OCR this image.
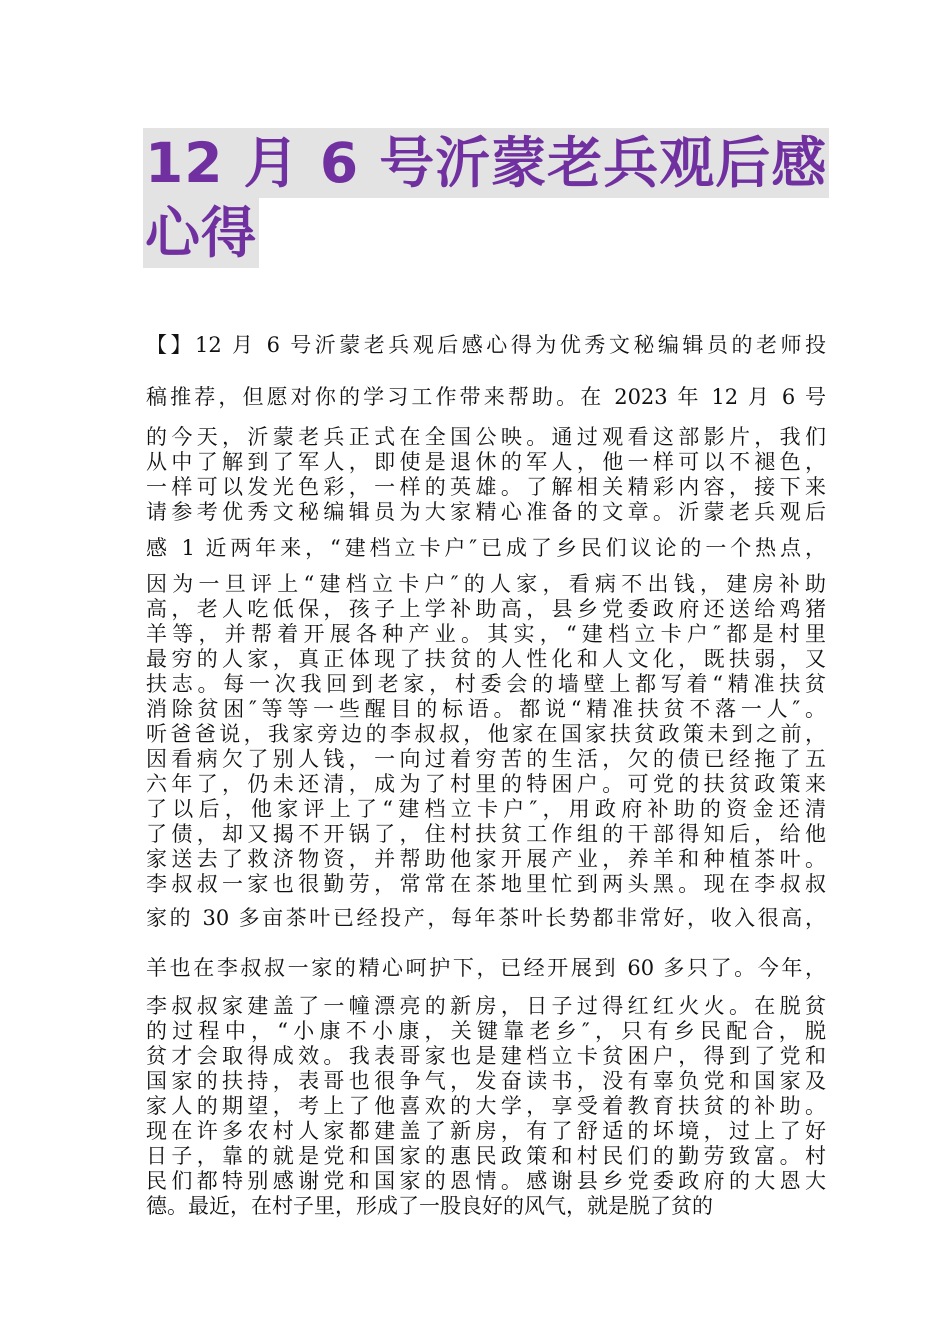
12 月 6 号沂蒙老兵观后感
心得
【】12 月 6 号沂蒙老兵观后感心得为优秀文秘编辑员的老师投
稿推荐，但愿对你的学习工作带来帮助。在 2023 年 12 月 6 号
的今天，沂蒙老兵正式在全国公映。通过观看这部影片，我们
从中了解到了军人，即使是退休的军人，他一样可以不褪色，
一样可以发光色彩，一样的英雄。了解相关精彩内容，接下来
请参考优秀文秘编辑员为大家精心准备的文章。沂蒙老兵观后
感 1 近两年来，“建档立卡户″已成了乡民们议论的一个热点，
因为一旦评上“建档立卡户″的人家，看病不出钱，建房补助
高，老人吃低保，孩子上学补助高，县乡党委政府还送给鸡猪
羊等，并帮着开展各种产业。其实，“建档立卡户″都是村里
最穷的人家，真正体现了扶贫的人性化和人文化，既扶弱，又
扶志。每一次我回到老家，村委会的墙壁上都写着“精准扶贫
消除贫困″等等一些醒目的标语。都说“精准扶贫不落一人″。
听爸爸说，我家旁边的李叔叔，他家在国家扶贫政策未到之前，
因看病欠了别人钱，一向过着穷苦的生活，欠的债已经拖了五
六年了，仍未还清，成为了村里的特困户。可党的扶贫政策来
了以后，他家评上了“建档立卡户″，用政府补助的资金还清
了债，却又揭不开锅了，住村扶贫工作组的干部得知后，给他
家送去了救济物资，并帮助他家开展产业，养羊和种植茶叶。
李叔叔一家也很勤劳，常常在茶地里忙到两头黑。现在李叔叔
家的 30 多亩茶叶已经投产，每年茶叶长势都非常好，收入很高，
羊也在李叔叔一家的精心呵护下，已经开展到 60 多只了。今年，
李叔叔家建盖了一幢漂亮的新房，日子过得红红火火。在脱贫
的过程中，“小康不小康，关键靠老乡″，只有乡民配合，脱
贫才会取得成效。我表哥家也是建档立卡贫困户，得到了党和
国家的扶持，表哥也很争气，发奋读书，没有辜负党和国家及
家人的期望，考上了他喜欢的大学，享受着教育扶贫的补助。
现在许多农村人家都建盖了新房，有了舒适的坏境，过上了好
日子，靠的就是党和国家的惠民政策和村民们的勤劳致富。村
民们都特别感谢党和国家的恩情。感谢县乡党委政府的大恩大
德。最近，在村子里，形成了一股良好的风气，就是脱了贫的
